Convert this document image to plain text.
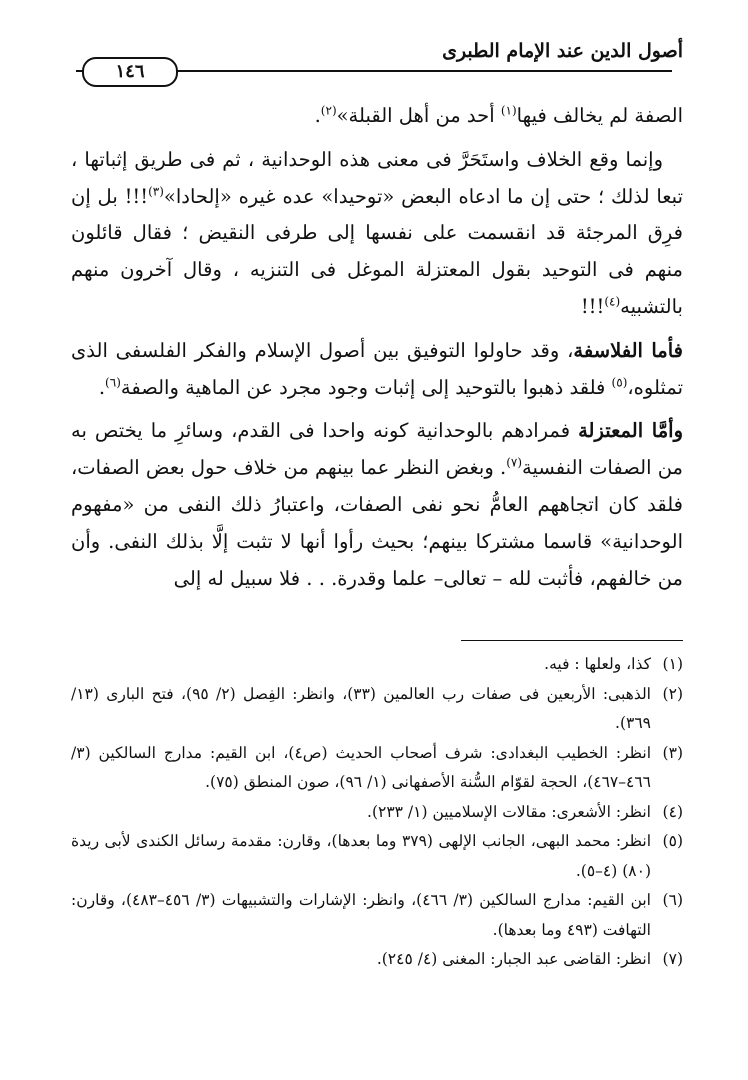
أصول الدين عند الإمام الطبرى
١٤٦

الصفة لم يخالف فيها$^{(١)}$ أحد من أهل القبلة»$^{(٢)}$.

وإنما وقع الخلاف واستَحَرَّ فى معنى هذه الوحدانية ، ثم فى طريق إثباتها ، تبعا لذلك ؛ حتى إن ما ادعاه البعض «توحيدا» عده غيره «إلحادا»$^{(٣)}$!!! بل إن فرِق المرجئة قد انقسمت على نفسها إلى طرفى النقيض ؛ فقال قائلون منهم فى التوحيد بقول المعتزلة الموغل فى التنزيه ، وقال آخرون منهم بالتشبيه$^{(٤)}$!!!

فأما الفلاسفة، وقد حاولوا التوفيق بين أصول الإسلام والفكر الفلسفى الذى تمثلوه،$^{(٥)}$ فلقد ذهبوا بالتوحيد إلى إثبات وجود مجرد عن الماهية والصفة$^{(٦)}$.

وأمَّا المعتزلة فمرادهم بالوحدانية كونه واحدا فى القدم، وسائرِ ما يختص به من الصفات النفسية$^{(٧)}$. وبغض النظر عما بينهم من خلاف حول بعض الصفات، فلقد كان اتجاههم العامُّ نحو نفى الصفات، واعتبارُ ذلك النفى من «مفهوم الوحدانية» قاسما مشتركا بينهم؛ بحيث رأوا أنها لا تثبت إلَّا بذلك النفى. وأن من خالفهم، فأثبت لله – تعالى– علما وقدرة. . . فلا سبيل له إلى

(١)
كذا، ولعلها : فيه.
(٢)
الذهبى: الأربعين فى صفات رب العالمين (٣٣)، وانظر: الفِصل (٢/ ٩٥)، فتح البارى (١٣/ ٣٦٩).
(٣)
انظر: الخطيب البغدادى: شرف أصحاب الحديث (ص٤)، ابن القيم: مدارج السالكين (٣/ ٤٦٦–٤٦٧)، الحجة لقوّام السُّنة الأصفهانى (١/ ٩٦)، صون المنطق (٧٥).
(٤)
انظر: الأشعرى: مقالات الإسلاميين (١/ ٢٣٣).
(٥)
انظر: محمد البهى، الجانب الإلهى (٣٧٩ وما بعدها)، وقارن: مقدمة رسائل الكندى لأبى ريدة (٨٠) (٤–٥).
(٦)
ابن القيم: مدارج السالكين (٣/ ٤٦٦)، وانظر: الإشارات والتشبيهات (٣/ ٤٥٦–٤٨٣)، وقارن: التهافت (٤٩٣ وما بعدها).
(٧)
انظر: القاضى عبد الجبار: المغنى (٤/ ٢٤٥).
